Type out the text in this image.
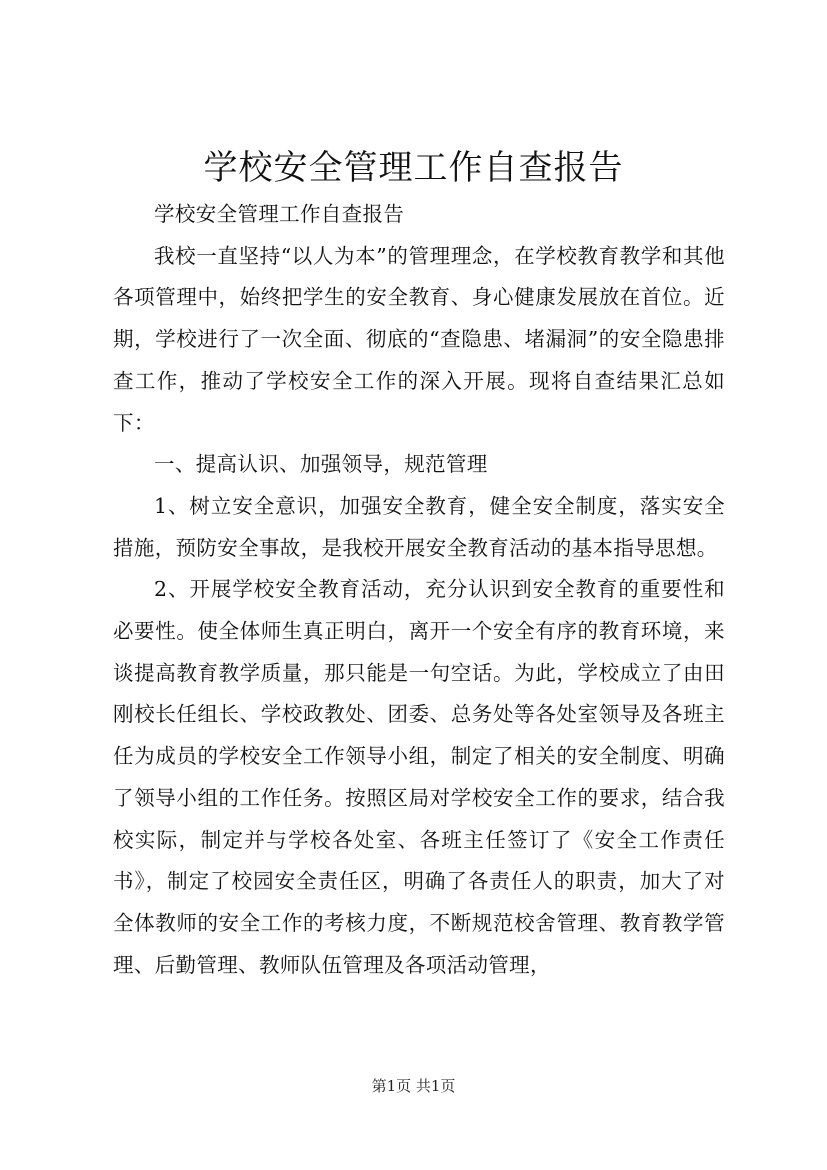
学校安全管理工作自查报告

学校安全管理工作自查报告

我校一直坚持“以人为本”的管理理念，在学校教育教学和其他各项管理中，始终把学生的安全教育、身心健康发展放在首位。近期，学校进行了一次全面、彻底的“查隐患、堵漏洞”的安全隐患排查工作，推动了学校安全工作的深入开展。现将自查结果汇总如下：

一、提高认识、加强领导，规范管理

1、树立安全意识，加强安全教育，健全安全制度，落实安全措施，预防安全事故，是我校开展安全教育活动的基本指导思想。

2、开展学校安全教育活动，充分认识到安全教育的重要性和必要性。使全体师生真正明白，离开一个安全有序的教育环境，来谈提高教育教学质量，那只能是一句空话。为此，学校成立了由田刚校长任组长、学校政教处、团委、总务处等各处室领导及各班主任为成员的学校安全工作领导小组，制定了相关的安全制度、明确了领导小组的工作任务。按照区局对学校安全工作的要求，结合我校实际，制定并与学校各处室、各班主任签订了《安全工作责任书》，制定了校园安全责任区，明确了各责任人的职责，加大了对全体教师的安全工作的考核力度，不断规范校舍管理、教育教学管理、后勤管理、教师队伍管理及各项活动管理，

第1页 共1页
